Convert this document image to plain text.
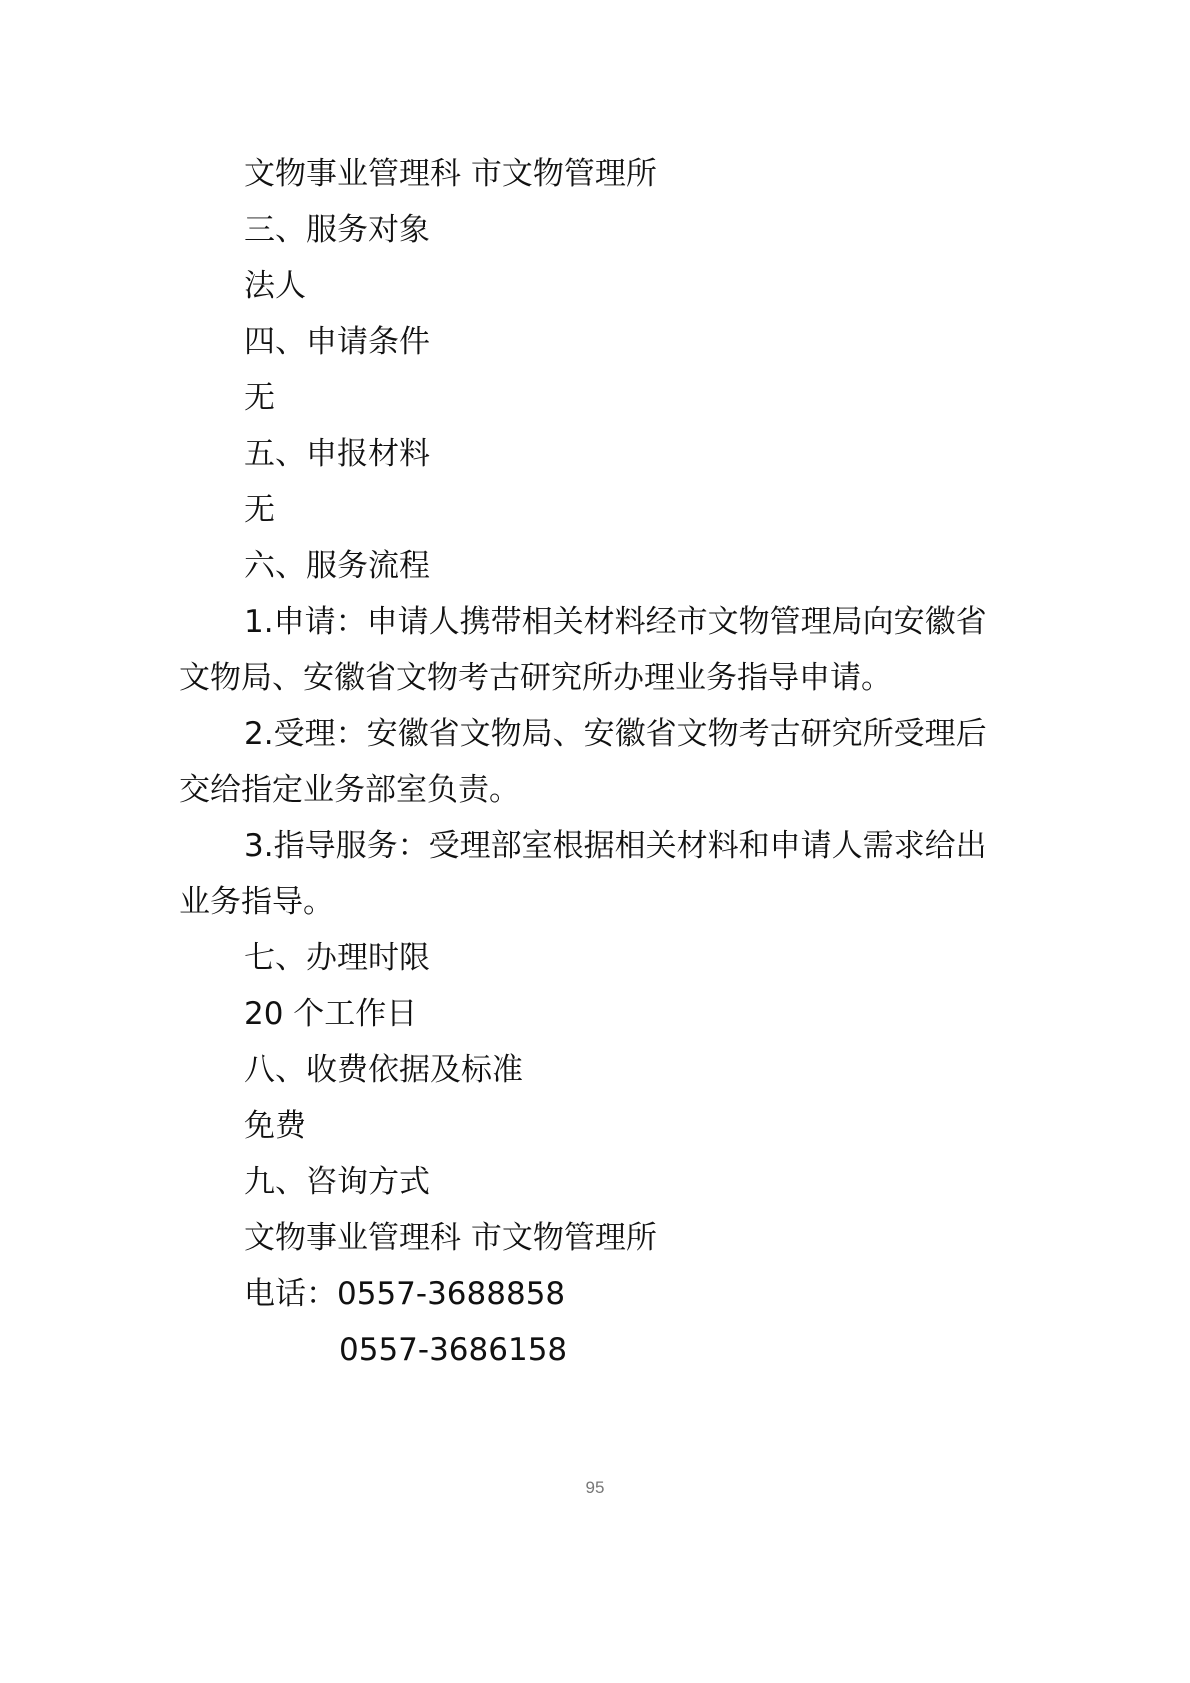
文物事业管理科 市文物管理所
三、服务对象
法人
四、申请条件
无
五、申报材料
无
六、服务流程
1.申请：申请人携带相关材料经市文物管理局向安徽省
文物局、安徽省文物考古研究所办理业务指导申请。
2.受理：安徽省文物局、安徽省文物考古研究所受理后
交给指定业务部室负责。
3.指导服务：受理部室根据相关材料和申请人需求给出
业务指导。
七、办理时限
20 个工作日
八、收费依据及标准
免费
九、咨询方式
文物事业管理科 市文物管理所
电话：0557-3688858
0557-3686158
95
